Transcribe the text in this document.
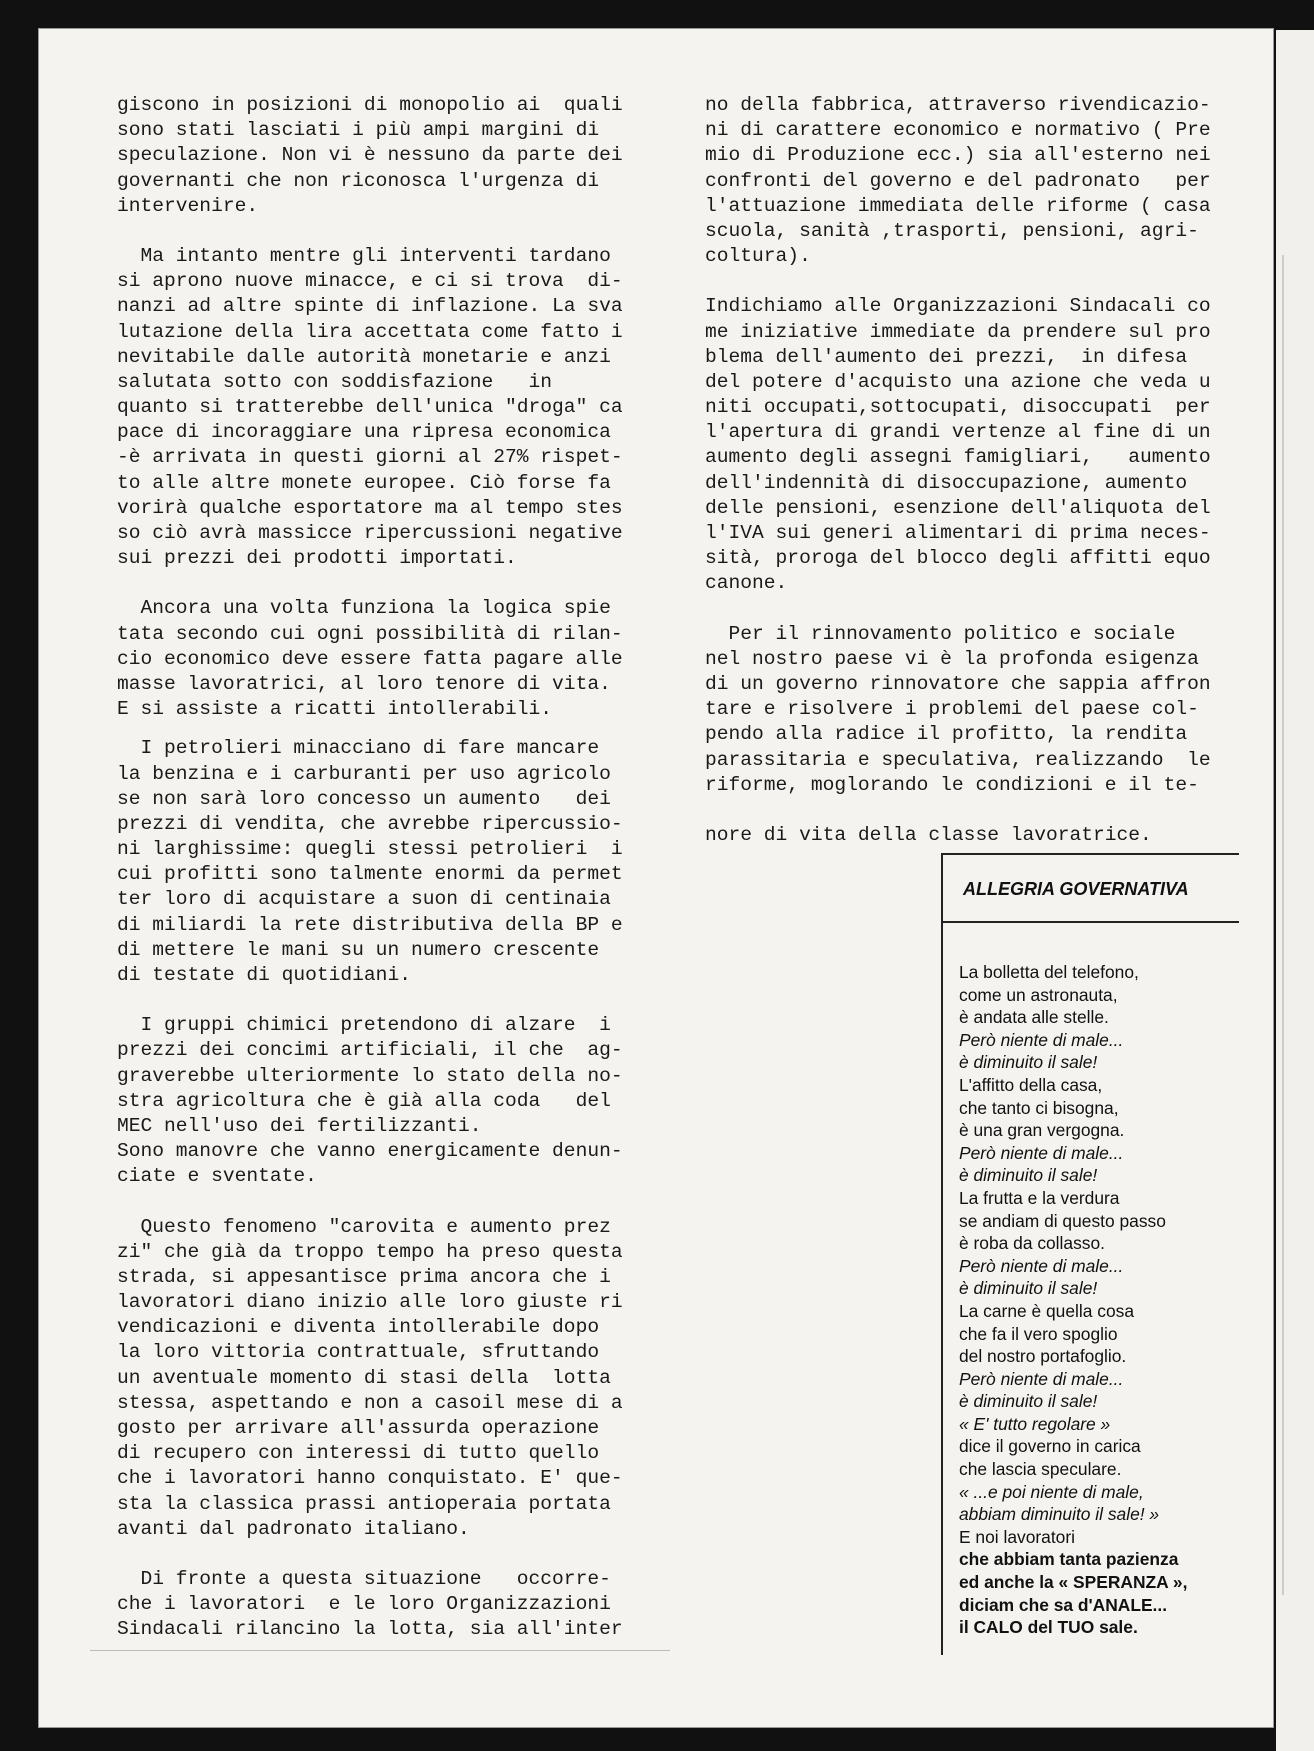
giscono in posizioni di monopolio ai  quali
sono stati lasciati i più ampi margini di
speculazione. Non vi è nessuno da parte dei
governanti che non riconosca l'urgenza di
intervenire.
Ma intanto mentre gli interventi tardano
si aprono nuove minacce, e ci si trova  di-
nanzi ad altre spinte di inflazione. La sva
lutazione della lira accettata come fatto i
nevitabile dalle autorità monetarie e anzi
salutata sotto con soddisfazione   in
quanto si tratterebbe dell'unica "droga" ca
pace di incoraggiare una ripresa economica
-è arrivata in questi giorni al 27% rispet-
to alle altre monete europee. Ciò forse fa
vorirà qualche esportatore ma al tempo stes
so ciò avrà massicce ripercussioni negative
sui prezzi dei prodotti importati.
Ancora una volta funziona la logica spie
tata secondo cui ogni possibilità di rilan-
cio economico deve essere fatta pagare alle
masse lavoratrici, al loro tenore di vita.
E si assiste a ricatti intollerabili.
I petrolieri minacciano di fare mancare
la benzina e i carburanti per uso agricolo
se non sarà loro concesso un aumento   dei
prezzi di vendita, che avrebbe ripercussio-
ni larghissime: quegli stessi petrolieri  i
cui profitti sono talmente enormi da permet
ter loro di acquistare a suon di centinaia
di miliardi la rete distributiva della BP e
di mettere le mani su un numero crescente
di testate di quotidiani.
I gruppi chimici pretendono di alzare  i
prezzi dei concimi artificiali, il che  ag-
graverebbe ulteriormente lo stato della no-
stra agricoltura che è già alla coda   del
MEC nell'uso dei fertilizzanti.
Sono manovre che vanno energicamente denun-
ciate e sventate.
Questo fenomeno "carovita e aumento prez
zi" che già da troppo tempo ha preso questa
strada, si appesantisce prima ancora che i
lavoratori diano inizio alle loro giuste ri
vendicazioni e diventa intollerabile dopo
la loro vittoria contrattuale, sfruttando
un aventuale momento di stasi della  lotta
stessa, aspettando e non a casoil mese di a
gosto per arrivare all'assurda operazione
di recupero con interessi di tutto quello
che i lavoratori hanno conquistato. E' que-
sta la classica prassi antioperaia portata
avanti dal padronato italiano.
Di fronte a questa situazione   occorre-
che i lavoratori  e le loro Organizzazioni
Sindacali rilancino la lotta, sia all'inter
no della fabbrica, attraverso rivendicazio-
ni di carattere economico e normativo ( Pre
mio di Produzione ecc.) sia all'esterno nei
confronti del governo e del padronato   per
l'attuazione immediata delle riforme ( casa
scuola, sanità ,trasporti, pensioni, agri-
coltura).
Indichiamo alle Organizzazioni Sindacali co
me iniziative immediate da prendere sul pro
blema dell'aumento dei prezzi,  in difesa
del potere d'acquisto una azione che veda u
niti occupati,sottocupati, disoccupati  per
l'apertura di grandi vertenze al fine di un
aumento degli assegni famigliari,   aumento
dell'indennità di disoccupazione, aumento
delle pensioni, esenzione dell'aliquota del
l'IVA sui generi alimentari di prima neces-
sità, proroga del blocco degli affitti equo
canone.
Per il rinnovamento politico e sociale
nel nostro paese vi è la profonda esigenza
di un governo rinnovatore che sappia affron
tare e risolvere i problemi del paese col-
pendo alla radice il profitto, la rendita
parassitaria e speculativa, realizzando  le
riforme, moglorando le condizioni e il te-
nore di vita della classe lavoratrice.
ALLEGRIA GOVERNATIVA
La bolletta del telefono,
come un astronauta,
è andata alle stelle.
Però niente di male...
è diminuito il sale!
L'affitto della casa,
che tanto ci bisogna,
è una gran vergogna.
Però niente di male...
è diminuito il sale!
La frutta e la verdura
se andiam di questo passo
è roba da collasso.
Però niente di male...
è diminuito il sale!
La carne è quella cosa
che fa il vero spoglio
del nostro portafoglio.
Però niente di male...
è diminuito il sale!
« E' tutto regolare »
dice il governo in carica
che lascia speculare.
« ...e poi niente di male,
abbiam diminuito il sale! »
E noi lavoratori
che abbiam tanta pazienza
ed anche la « SPERANZA »,
diciam che sa d'ANALE...
il CALO del TUO sale.
